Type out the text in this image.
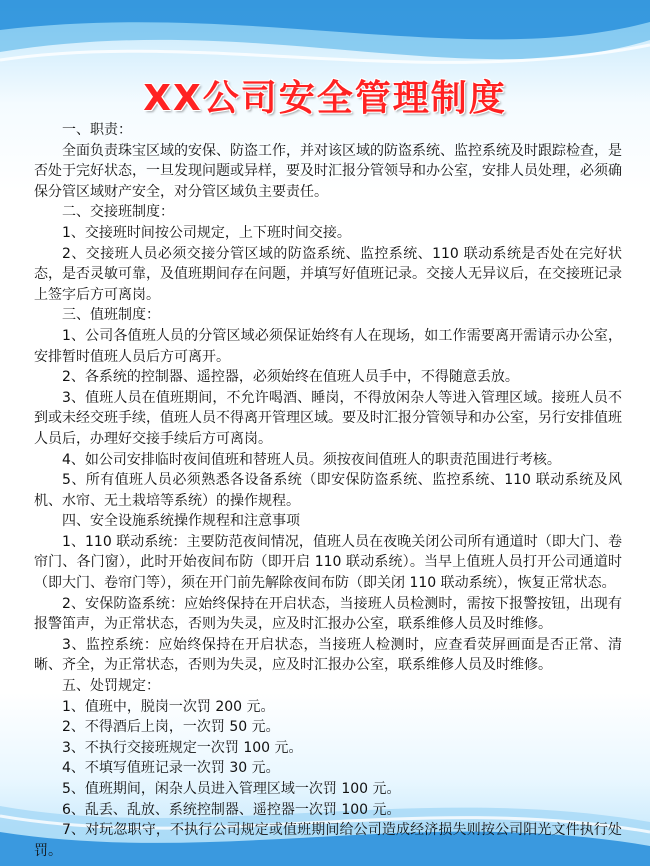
XX公司安全管理制度

一、职责：

全面负责珠宝区域的安保、防盗工作，并对该区域的防盗系统、监控系统及时跟踪检查，是否处于完好状态，一旦发现问题或异样，要及时汇报分管领导和办公室，安排人员处理，必须确保分管区域财产安全，对分管区域负主要责任。

二、交接班制度：

1、交接班时间按公司规定，上下班时间交接。

2、交接班人员必须交接分管区域的防盗系统、监控系统、110 联动系统是否处在完好状态，是否灵敏可靠，及值班期间存在问题，并填写好值班记录。交接人无异议后，在交接班记录上签字后方可离岗。

三、值班制度：

1、公司各值班人员的分管区域必须保证始终有人在现场，如工作需要离开需请示办公室，安排暂时值班人员后方可离开。

2、各系统的控制器、遥控器，必须始终在值班人员手中，不得随意丢放。

3、值班人员在值班期间，不允许喝酒、睡岗，不得放闲杂人等进入管理区域。接班人员不到或未经交班手续，值班人员不得离开管理区域。要及时汇报分管领导和办公室，另行安排值班人员后，办理好交接手续后方可离岗。

4、如公司安排临时夜间值班和替班人员。须按夜间值班人的职责范围进行考核。

5、所有值班人员必须熟悉各设备系统（即安保防盗系统、监控系统、110 联动系统及风机、水帘、无土栽培等系统）的操作规程。

四、安全设施系统操作规程和注意事项

1、110 联动系统：主要防范夜间情况，值班人员在夜晚关闭公司所有通道时（即大门、卷帘门、各门窗），此时开始夜间布防（即开启 110 联动系统）。当早上值班人员打开公司通道时（即大门、卷帘门等），须在开门前先解除夜间布防（即关闭 110 联动系统），恢复正常状态。

2、安保防盗系统：应始终保持在开启状态，当接班人员检测时，需按下报警按钮，出现有报警笛声，为正常状态，否则为失灵，应及时汇报办公室，联系维修人员及时维修。

3、监控系统：应始终保持在开启状态，当接班人检测时，应查看荧屏画面是否正常、清晰、齐全，为正常状态，否则为失灵，应及时汇报办公室，联系维修人员及时维修。

五、处罚规定：

1、值班中，脱岗一次罚 200 元。

2、不得酒后上岗，一次罚 50 元。

3、不执行交接班规定一次罚 100 元。

4、不填写值班记录一次罚 30 元。

5、值班期间，闲杂人员进入管理区域一次罚 100 元。

6、乱丢、乱放、系统控制器、遥控器一次罚 100 元。

7、对玩忽职守，不执行公司规定或值班期间给公司造成经济损失则按公司阳光文件执行处罚。
